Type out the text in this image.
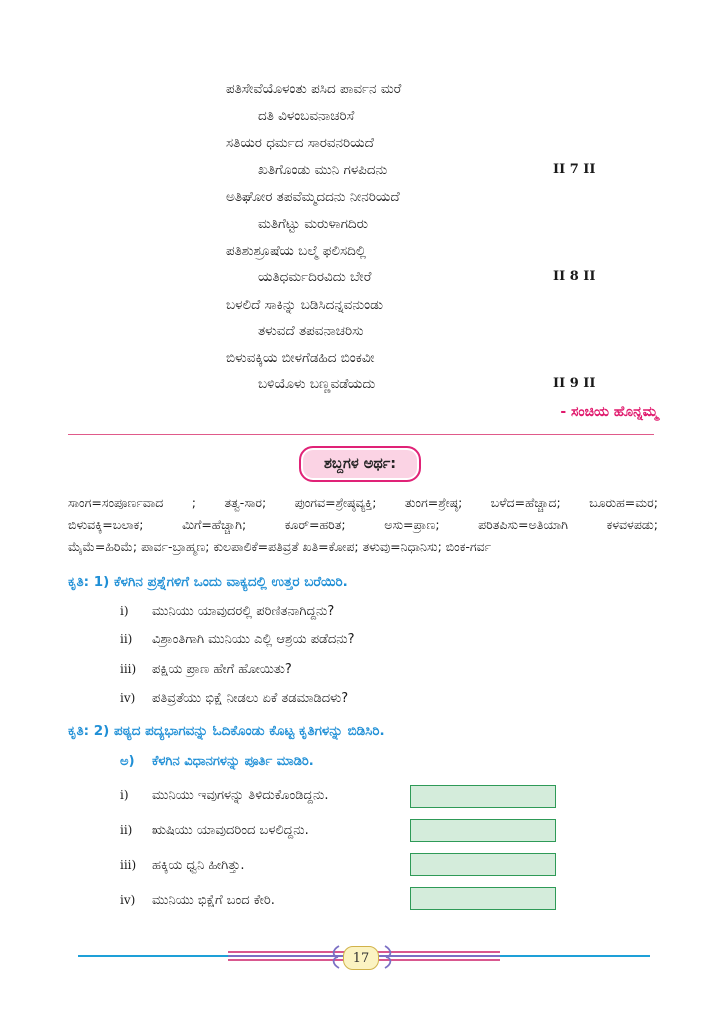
ಪತಿಸೇವೆಯೊಳಂತು ಪಸಿದ ಪಾರ್ವನ ಮರೆ
ದತಿ ವಿಳಂಬವನಾಚರಿಸೆ
ಸತಿಯರ ಧರ್ಮದ ಸಾರವನರಿಯದೆ
ಖತಿಗೊಂಡು ಮುನಿ ಗಳಪಿದನು	II 7 II
ಅತಿಘೋರ ತಪವೆಮ್ಮದದನು ನೀನರಿಯದೆ
ಮತಿಗೆಟ್ಟು ಮರುಳಾಗದಿರು
ಪತಿಶುಶ್ರೂಷೆಯ ಬಲ್ಮೆ ಫಲಿಸದಿಲ್ಲಿ
ಯತಿಧರ್ಮದಿರವಿದು ಬೇರೆ	II 8 II
ಬಳಲಿದೆ ಸಾಕಿನ್ನು ಬಡಿಸಿದನ್ನವನುಂಡು
ತಳುವದೆ ತಪವನಾಚರಿಸು
ಬಿಳುವಕ್ಕಿಯ ಬೀಳಗೆಡಹಿದ ಬಿಂಕವೀ
ಬಳಿಯೊಳು ಬಣ್ಣವಡೆಯದು	II 9 II
- ಸಂಚಿಯ ಹೊನ್ನಮ್ಮ
ಶಬ್ದಗಳ ಅರ್ಥ:
ಸಾಂಗ=ಸಂಪೂರ್ಣವಾದ ; ತತ್ವ-ಸಾರ; ಪುಂಗವ=ಶ್ರೇಷ್ಠವ್ಯಕ್ತಿ; ತುಂಗ=ಶ್ರೇಷ್ಠ; ಬಳೆದ=ಹೆಚ್ಚಾದ; ಬೂರುಹ=ಮರ;
ಬಿಳುವಕ್ಕಿ=ಬಲಾಕ; ಮಿಗೆ=ಹೆಚ್ಚಾಗಿ; ಕೂರ್=ಹರಿತ; ಅಸು=ಪ್ರಾಣ; ಪರಿತಪಿಸು=ಅತಿಯಾಗಿ ಕಳವಳಪಡು;
ಮೈಮೆ=ಹಿರಿಮೆ; ಪಾರ್ವ-ಬ್ರಾಹ್ಮಣ; ಕುಲಪಾಲಿಕೆ=ಪತಿವ್ರತೆ ಖತಿ=ಕೋಪ; ತಳುವು=ನಿಧಾನಿಸು; ಬಿಂಕ-ಗರ್ವ
ಕೃತಿ: 1) ಕೆಳಗಿನ ಪ್ರಶ್ನೆಗಳಿಗೆ ಒಂದು ವಾಕ್ಯದಲ್ಲಿ ಉತ್ತರ ಬರೆಯಿರಿ.
i) ಮುನಿಯು ಯಾವುದರಲ್ಲಿ ಪರಿಣಿತನಾಗಿದ್ದನು?
ii) ವಿಶ್ರಾಂತಿಗಾಗಿ ಮುನಿಯು ಎಲ್ಲಿ ಆಶ್ರಯ ಪಡೆದನು?
iii) ಪಕ್ಷಿಯ ಪ್ರಾಣ ಹೇಗೆ ಹೋಯಿತು?
iv) ಪತಿವ್ರತೆಯು ಭಿಕ್ಷೆ ನೀಡಲು ಏಕೆ ತಡಮಾಡಿದಳು?
ಕೃತಿ: 2) ಪಠ್ಯದ ಪದ್ಯಭಾಗವನ್ನು ಓದಿಕೊಂಡು ಕೊಟ್ಟ ಕೃತಿಗಳನ್ನು ಬಿಡಿಸಿರಿ.
ಅ) ಕೆಳಗಿನ ವಿಧಾನಗಳನ್ನು ಪೂರ್ತಿ ಮಾಡಿರಿ.
i) ಮುನಿಯು ಇವುಗಳನ್ನು ತಿಳಿದುಕೊಂಡಿದ್ದನು.
ii) ಋಷಿಯು ಯಾವುದರಿಂದ ಬಳಲಿದ್ದನು.
iii) ಹಕ್ಕಿಯ ಧ್ವನಿ ಹೀಗಿತ್ತು.
iv) ಮುನಿಯು ಭಿಕ್ಷೆಗೆ ಬಂದ ಕೇರಿ.
17
